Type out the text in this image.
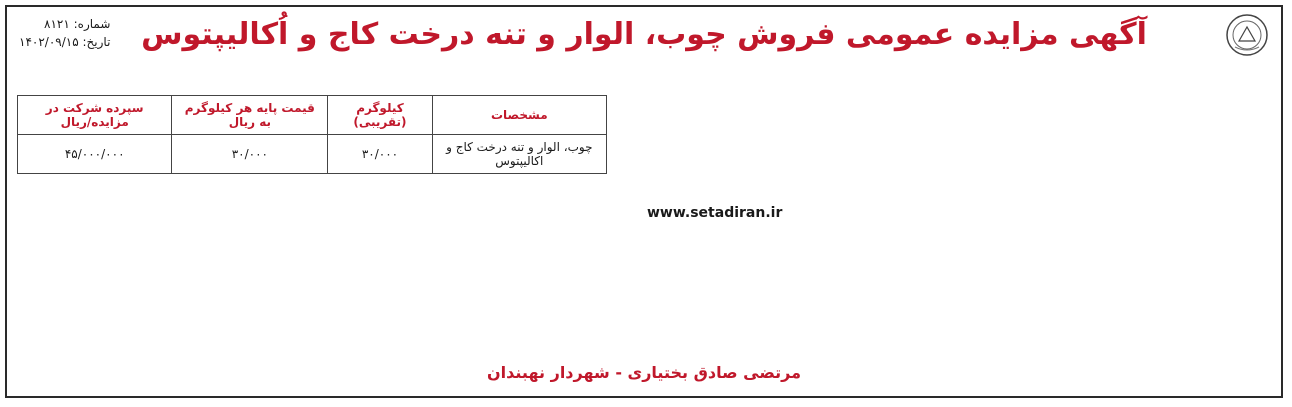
آگهی مزایده عمومی فروش چوب، الوار و تنه درخت کاج و اُکالیپتوس
شماره: ۸۱۲۱
تاریخ: ۱۴۰۲/۰۹/۱۵
مشخصات	کیلوگرم (تقریبی)	قیمت پایه هر کیلوگرم به ریال	سپرده شرکت در مزایده/ریال
چوب، الوار و تنه درخت کاج و اکالیپتوس	۳۰/۰۰۰	۳۰/۰۰۰	۴۵/۰۰۰/۰۰۰
www.setadiran.ir
مرتضی صادق بختیاری - شهردار نهبندان
